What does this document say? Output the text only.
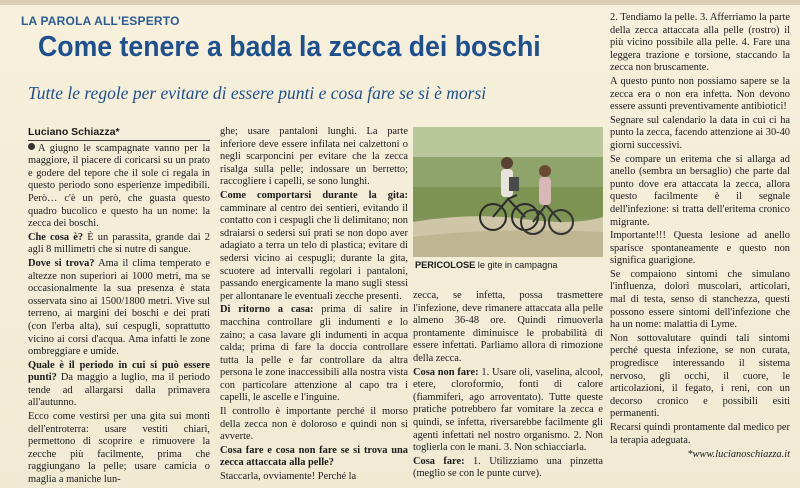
LA PAROLA ALL'ESPERTO
Come tenere a bada la zecca dei boschi
Tutte le regole per evitare di essere punti e cosa fare se si è morsi
Luciano Schiazza*

A giugno le scampagnate vanno per la maggiore, il piacere di coricarsi su un prato e godere del tepore che il sole ci regala in questo periodo sono esperienze impedibili. Però… c'è un però, che guasta questo quadro bucolico e questo ha un nome: la zecca dei boschi.

Che cosa è? È un parassita, grande dai 2 agli 8 millimetri che si nutre di sangue.

Dove si trova? Ama il clima temperato e altezze non superiori ai 1000 metri, ma se occasionalmente la sua presenza è stata osservata sino ai 1500/1800 metri. Vive sul terreno, ai margini dei boschi e dei prati (con l'erba alta), sui cespugli, soprattutto vicino ai corsi d'acqua. Ama infatti le zone ombreggiare e umide.

Quale è il periodo in cui si può essere punti? Da maggio a luglio, ma il periodo tende ad allargarsi dalla primavera all'autunno.

Ecco come vestirsi per una gita sui monti dell'entroterra: usare vestiti chiari, permettono di scoprire e rimuovere la zecche più facilmente, prima che raggiungano la pelle; usare camicia o maglia a maniche lun-

ghe; usare pantaloni lunghi. La parte inferiore deve essere infilata nei calzettoni o negli scarponcini per evitare che la zecca risalga sulla pelle; indossare un berretto; raccogliere i capelli, se sono lunghi.

Come comportarsi durante la gita: camminare al centro dei sentieri, evitando il contatto con i cespugli che li delimitano; non sdraiarsi o sedersi sui prati se non dopo aver adagiato a terra un telo di plastica; evitare di sedersi vicino ai cespugli; durante la gita, scuotere ad intervalli regolari i pantaloni, passando energicamente la mano sugli stessi per allontanare le eventuali zecche presenti.

Di ritorno a casa: prima di salire in macchina controllare gli indumenti e lo zaino; a casa lavare gli indumenti in acqua calda; prima di fare la doccia controllare tutta la pelle e far controllare da altra persona le zone inaccessibili alla nostra vista con particolare attenzione al capo tra i capelli, le ascelle e l'inguine.

Il controllo è importante perché il morso della zecca non è doloroso e quindi non si avverte.

Cosa fare e cosa non fare se si trova una zecca attaccata alla pelle?

Staccarla, ovviamente! Perché la

PERICOLOSE le gite in campagna

zecca, se infetta, possa trasmettere l'infezione, deve rimanere attaccata alla pelle almeno 36-48 ore. Quindi rimuoverla prontamente diminuisce le probabilità di essere infettati. Parliamo allora di rimozione della zecca.

Cosa non fare: 1. Usare oli, vaselina, alcool, etere, cloroformio, fonti di calore (fiammiferi, ago arroventato). Tutte queste pratiche potrebbero far vomitare la zecca e quindi, se infetta, riversarebbe facilmente gli agenti infettati nel nostro organismo. 2. Non toglierla con le mani. 3. Non schiacciarla.

Cosa fare: 1. Utilizziamo una pinzetta (meglio se con le punte curve).

2. Tendiamo la pelle. 3. Afferriamo la parte della zecca attaccata alla pelle (rostro) il più vicino possibile alla pelle. 4. Fare una leggera trazione e torsione, staccando la zecca non bruscamente.

A questo punto non possiamo sapere se la zecca era o non era infetta. Non devono essere assunti preventivamente antibiotici!

Segnare sul calendario la data in cui ci ha punto la zecca, facendo attenzione ai 30-40 giorni successivi.

Se compare un eritema che si allarga ad anello (sembra un bersaglio) che parte dal punto dove era attaccata la zecca, allora questo facilmente è il segnale dell'infezione: si tratta dell'eritema cronico migrante.

Importante!!! Questa lesione ad anello sparisce spontaneamente e questo non significa guarigione.

Se compaiono sintomi che simulano l'influenza, dolori muscolari, articolari, mal di testa, senso di stanchezza, questi possono essere sintomi dell'infezione che ha un nome: malattia di Lyme.

Non sottovalutare quindi tali sintomi perché questa infezione, se non curata, progredisce interessando il sistema nervoso, gli occhi, il cuore, le articolazioni, il fegato, i reni, con un decorso cronico e possibili esiti permanenti.

Recarsi quindi prontamente dal medico per la terapia adeguata.

*www.lucianoschiazza.it
